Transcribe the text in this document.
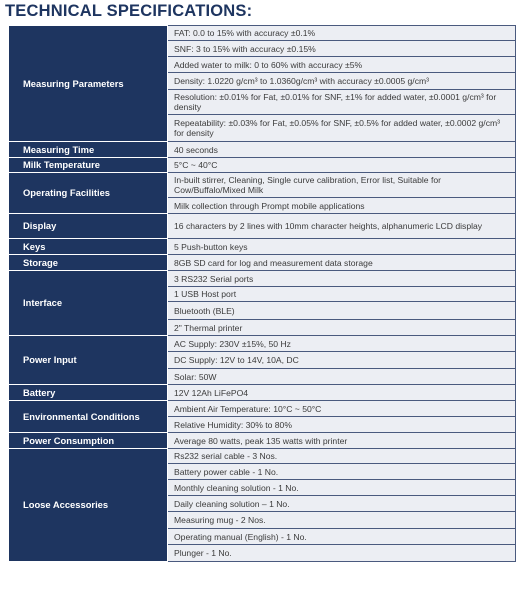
TECHNICAL SPECIFICATIONS:
Measuring Parameters	FAT: 0.0 to 15% with accuracy ±0.1%
	SNF: 3 to 15% with accuracy ±0.15%
	Added water to milk: 0 to 60% with accuracy ±5%
	Density: 1.0220 g/cm³ to 1.0360g/cm³ with accuracy ±0.0005 g/cm³
	Resolution: ±0.01% for Fat, ±0.01% for SNF, ±1% for added water, ±0.0001 g/cm³ for density
	Repeatability: ±0.03% for Fat, ±0.05% for SNF, ±0.5% for added water, ±0.0002 g/cm³ for density
Measuring Time	40 seconds
Milk Temperature	5°C ~ 40°C
Operating Facilities	In-built stirrer, Cleaning, Single curve calibration, Error list, Suitable for Cow/Buffalo/Mixed Milk
	Milk collection through Prompt mobile applications
Display	16 characters by 2 lines with 10mm character heights, alphanumeric LCD display
Keys	5 Push-button keys
Storage	8GB SD card for log and measurement data storage
Interface	3 RS232 Serial ports
	1 USB Host port
	Bluetooth (BLE)
	2" Thermal printer
Power Input	AC Supply: 230V ±15%, 50 Hz
	DC Supply: 12V to 14V, 10A, DC
	Solar: 50W
Battery	12V 12Ah LiFePO4
Environmental Conditions	Ambient Air Temperature: 10°C ~ 50°C
	Relative Humidity: 30% to 80%
Power Consumption	Average 80 watts, peak 135 watts with printer
Loose Accessories	Rs232 serial cable - 3 Nos.
	Battery power cable - 1 No.
	Monthly cleaning solution - 1 No.
	Daily cleaning solution – 1 No.
	Measuring mug - 2 Nos.
	Operating manual (English) - 1 No.
	Plunger - 1 No.
